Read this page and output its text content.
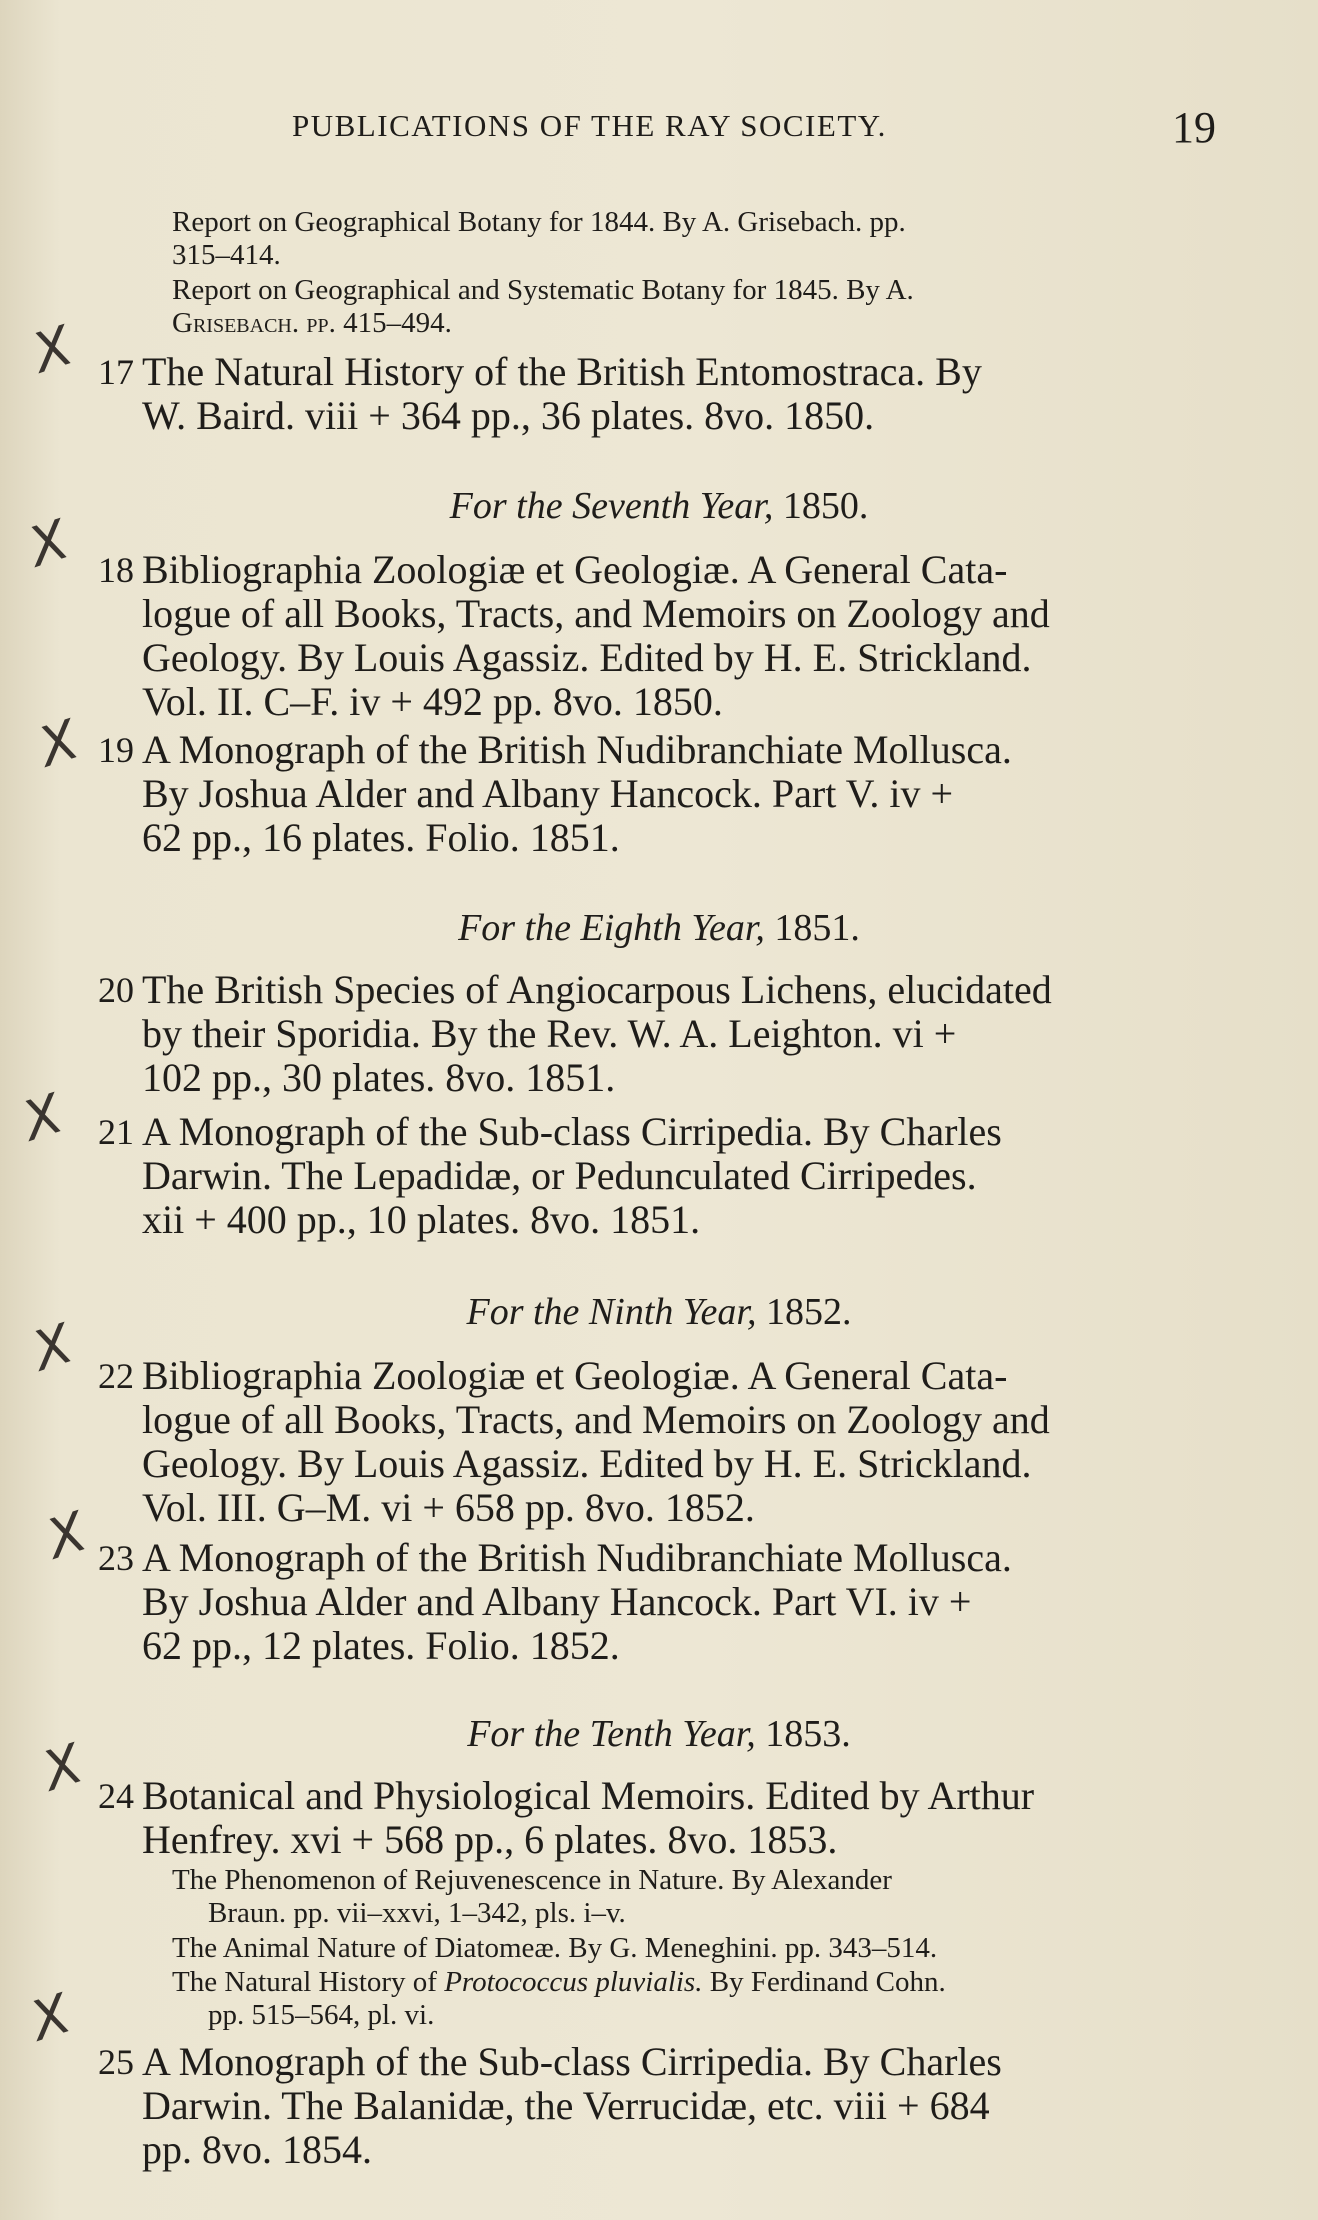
PUBLICATIONS OF THE RAY SOCIETY.	19
Report on Geographical Botany for 1844. By A. Grisebach. pp.
315–414.
Report on Geographical and Systematic Botany for 1845. By A.
Grisebach. pp. 415–494.
17 The Natural History of the British Entomostraca. By
W. Baird. viii + 364 pp., 36 plates. 8vo. 1850.
For the Seventh Year, 1850.
18 Bibliographia Zoologiæ et Geologiæ. A General Cata-
logue of all Books, Tracts, and Memoirs on Zoology and
Geology. By Louis Agassiz. Edited by H. E. Strickland.
Vol. II. C–F. iv + 492 pp. 8vo. 1850.
19 A Monograph of the British Nudibranchiate Mollusca.
By Joshua Alder and Albany Hancock. Part V. iv +
62 pp., 16 plates. Folio. 1851.
For the Eighth Year, 1851.
20 The British Species of Angiocarpous Lichens, elucidated
by their Sporidia. By the Rev. W. A. Leighton. vi +
102 pp., 30 plates. 8vo. 1851.
21 A Monograph of the Sub-class Cirripedia. By Charles
Darwin. The Lepadidæ, or Pedunculated Cirripedes.
xii + 400 pp., 10 plates. 8vo. 1851.
For the Ninth Year, 1852.
22 Bibliographia Zoologiæ et Geologiæ. A General Cata-
logue of all Books, Tracts, and Memoirs on Zoology and
Geology. By Louis Agassiz. Edited by H. E. Strickland.
Vol. III. G–M. vi + 658 pp. 8vo. 1852.
23 A Monograph of the British Nudibranchiate Mollusca.
By Joshua Alder and Albany Hancock. Part VI. iv +
62 pp., 12 plates. Folio. 1852.
For the Tenth Year, 1853.
24 Botanical and Physiological Memoirs. Edited by Arthur
Henfrey. xvi + 568 pp., 6 plates. 8vo. 1853.
The Phenomenon of Rejuvenescence in Nature. By Alexander
Braun. pp. vii–xxvi, 1–342, pls. i–v.
The Animal Nature of Diatomeæ. By G. Meneghini. pp. 343–514.
The Natural History of Protococcus pluvialis. By Ferdinand Cohn.
pp. 515–564, pl. vi.
25 A Monograph of the Sub-class Cirripedia. By Charles
Darwin. The Balanidæ, the Verrucidæ, etc. viii + 684
pp. 8vo. 1854.
X
X
X
X
X
X
X
X
